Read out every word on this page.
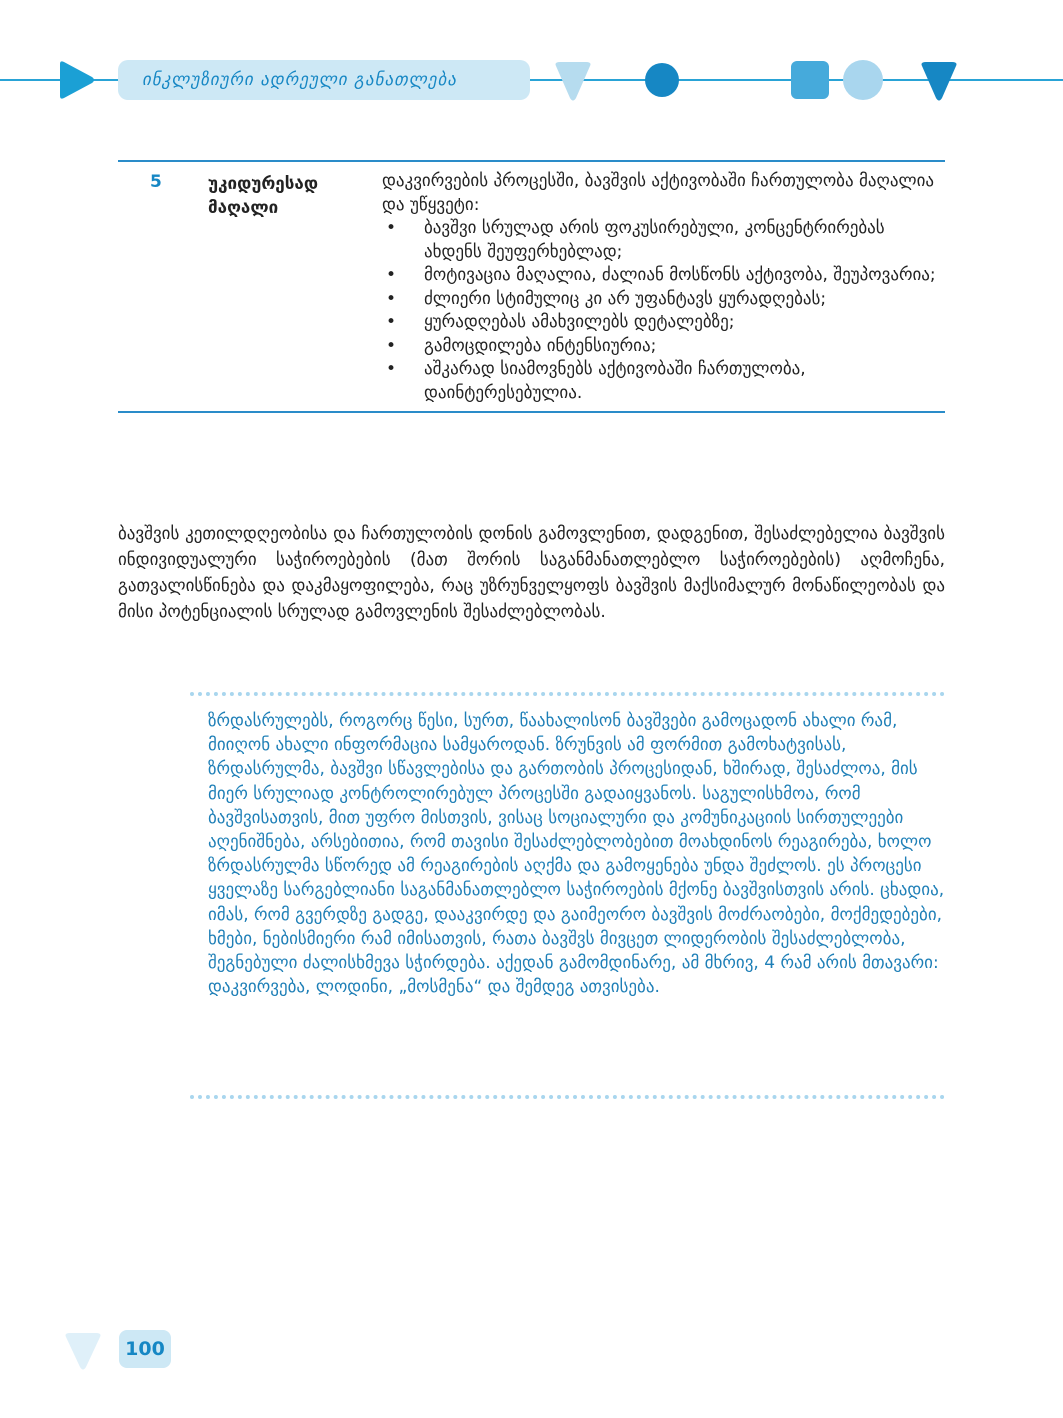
ინკლუზიური ადრეული განათლება
5	უკიდურესად მაღალი
დაკვირვების პროცესში, ბავშვის აქტივობაში ჩართულობა მაღალია და უწყვეტი:
• ბავშვი სრულად არის ფოკუსირებული, კონცენტრირებას ახდენს შეუფერხებლად;
• მოტივაცია მაღალია, ძალიან მოსწონს აქტივობა, შეუპოვარია;
• ძლიერი სტიმულიც კი არ უფანტავს ყურადღებას;
• ყურადღებას ამახვილებს დეტალებზე;
• გამოცდილება ინტენსიურია;
• აშკარად სიამოვნებს აქტივობაში ჩართულობა, დაინტერესებულია.
ბავშვის კეთილდღეობისა და ჩართულობის დონის გამოვლენით, დადგენით, შესაძლებელია ბავშვის ინდივიდუალური საჭიროებების (მათ შორის საგანმანათლებლო საჭიროებების) აღმოჩენა, გათვალისწინება და დაკმაყოფილება, რაც უზრუნველყოფს ბავშვის მაქსიმალურ მონაწილეობას და მისი პოტენციალის სრულად გამოვლენის შესაძლებლობას.
ზრდასრულებს, როგორც წესი, სურთ, წაახალისონ ბავშვები გამოცადონ ახალი რამ, მიიღონ ახალი ინფორმაცია სამყაროდან. ზრუნვის ამ ფორმით გამოხატვისას, ზრდასრულმა, ბავშვი სწავლებისა და გართობის პროცესიდან, ხშირად, შესაძლოა, მის მიერ სრულიად კონტროლირებულ პროცესში გადაიყვანოს. საგულისხმოა, რომ ბავშვისათვის, მით უფრო მისთვის, ვისაც სოციალური და კომუნიკაციის სირთულეები აღენიშნება, არსებითია, რომ თავისი შესაძლებლობებით მოახდინოს რეაგირება, ხოლო ზრდასრულმა სწორედ ამ რეაგირების აღქმა და გამოყენება უნდა შეძლოს. ეს პროცესი ყველაზე სარგებლიანი საგანმანათლებლო საჭიროების მქონე ბავშვისთვის არის. ცხადია, იმას, რომ გვერდზე გადგე, დააკვირდე და გაიმეორო ბავშვის მოძრაობები, მოქმედებები, ხმები, ნებისმიერი რამ იმისათვის, რათა ბავშვს მივცეთ ლიდერობის შესაძლებლობა, შეგნებული ძალისხმევა სჭირდება. აქედან გამომდინარე, ამ მხრივ, 4 რამ არის მთავარი: დაკვირვება, ლოდინი, „მოსმენა“ და შემდეგ ათვისება.
100
